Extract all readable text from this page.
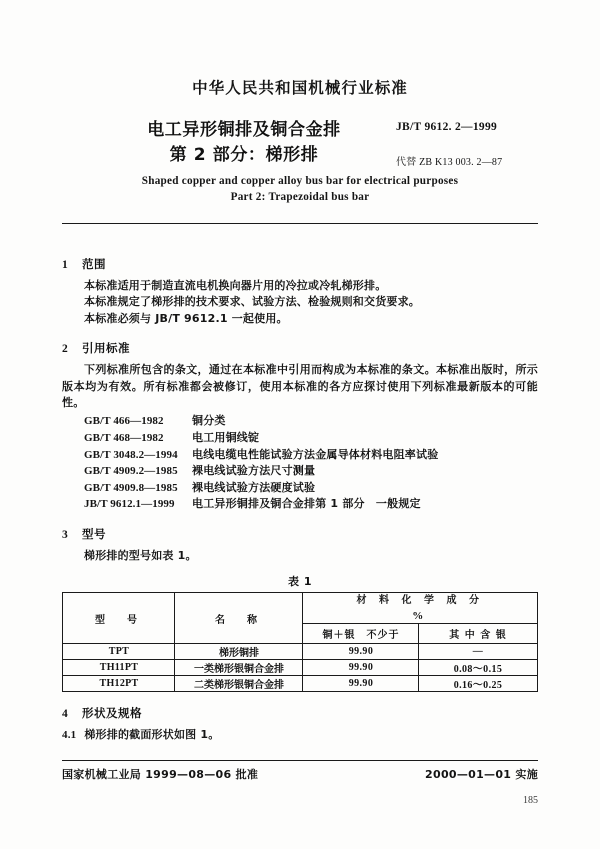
中华人民共和国机械行业标准
电工异形铜排及铜合金排
第 2 部分：梯形排
JB/T 9612. 2—1999
代替 ZB K13 003. 2—87
Shaped copper and copper alloy bus bar for electrical purposes
Part 2: Trapezoidal bus bar
1 范围
本标准适用于制造直流电机换向器片用的冷拉或冷轧梯形排。
本标准规定了梯形排的技术要求、试验方法、检验规则和交货要求。
本标准必须与 JB/T 9612.1 一起使用。
2 引用标准
下列标准所包含的条文，通过在本标准中引用而构成为本标准的条文。本标准出版时，所示版本均为有效。所有标准都会被修订，使用本标准的各方应探讨使用下列标准最新版本的可能性。
GB/T 466—1982	铜分类
GB/T 468—1982	电工用铜线锭
GB/T 3048.2—1994 电线电缆电性能试验方法金属导体材料电阻率试验
GB/T 4909.2—1985 裸电线试验方法尺寸测量
GB/T 4909.8—1985 裸电线试验方法硬度试验
JB/T 9612.1—1999 电工异形铜排及铜合金排第 1 部分　一般规定
3 型号
梯形排的型号如表 1。
表 1
型　号	名　称	材 料 化 学 成 分
%	

		铜＋银　不少于	其 中 含 银
TPT	梯形铜排	99.90	—
TH11PT	一类梯形银铜合金排	99.90	0.08～0.15
TH12PT	二类梯形银铜合金排	99.90	0.16～0.25
4 形状及规格
4.1 梯形排的截面形状如图 1。
国家机械工业局 1999—08—06 批准	2000—01—01 实施
185
